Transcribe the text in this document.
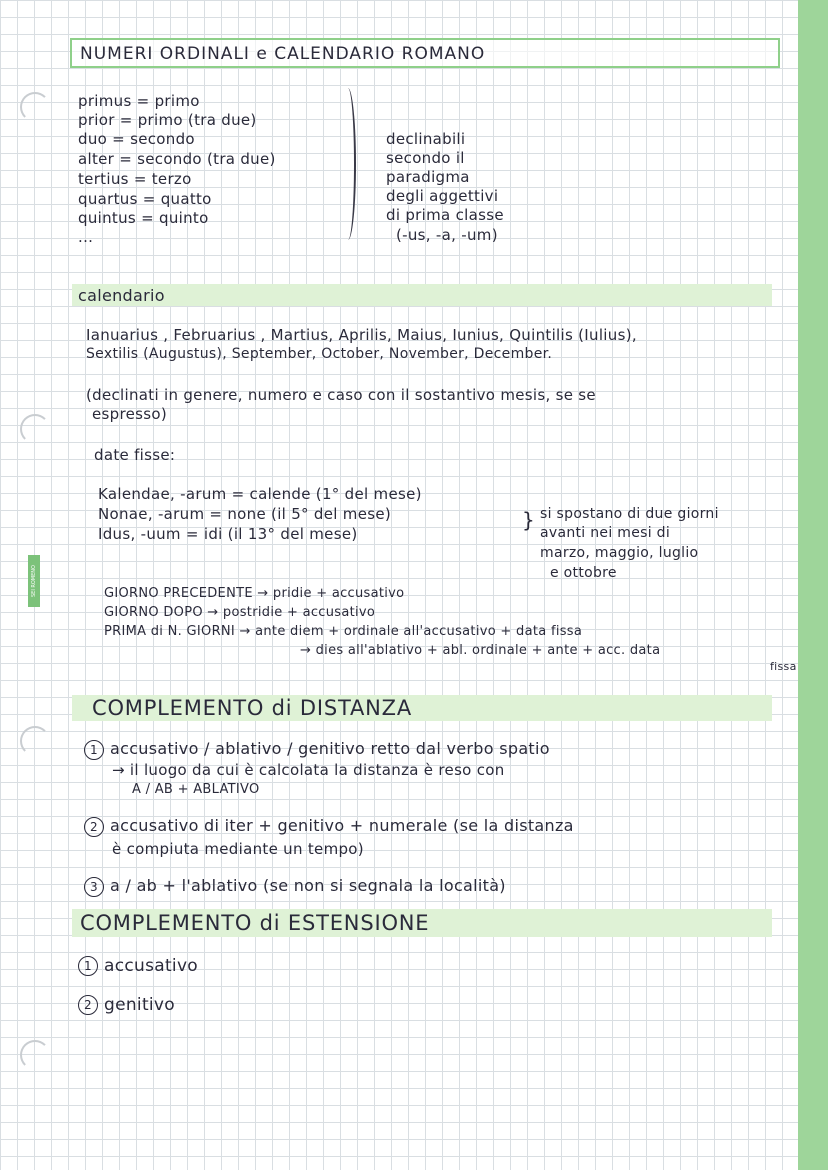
SEI ROMENO
NUMERI ORDINALI e CALENDARIO ROMANO
primus = primo
prior = primo (tra due)
duo = secondo
alter = secondo (tra due)
tertius = terzo
quartus = quatto
quintus = quinto
...
declinabili
secondo il
paradigma
degli aggettivi
di prima classe
(-us, -a, -um)
calendario
Ianuarius , Februarius , Martius, Aprilis, Maius, Iunius, Quintilis (Iulius),
Sextilis (Augustus), September, October, November, December.
(declinati in genere, numero e caso con il sostantivo mesis, se se
espresso)
date fisse:
Kalendae, -arum = calende (1° del mese)
Nonae, -arum = none (il 5° del mese)
Idus, -uum = idi (il 13° del mese)
} si spostano di due giorni
avanti nei mesi di
marzo, maggio, luglio
e ottobre
GIORNO PRECEDENTE → pridie + accusativo
GIORNO DOPO → postridie + accusativo
PRIMA di N. GIORNI → ante diem + ordinale all'accusativo + data fissa
→ dies all'ablativo + abl. ordinale + ante + acc. data
fissa
COMPLEMENTO di DISTANZA
1 accusativo / ablativo / genitivo retto dal verbo spatio
→ il luogo da cui è calcolata la distanza è reso con
A / AB + ABLATIVO
2 accusativo di iter + genitivo + numerale (se la distanza
è compiuta mediante un tempo)
3 a / ab + l'ablativo (se non si segnala la località)
COMPLEMENTO di ESTENSIONE
1 accusativo
2 genitivo
